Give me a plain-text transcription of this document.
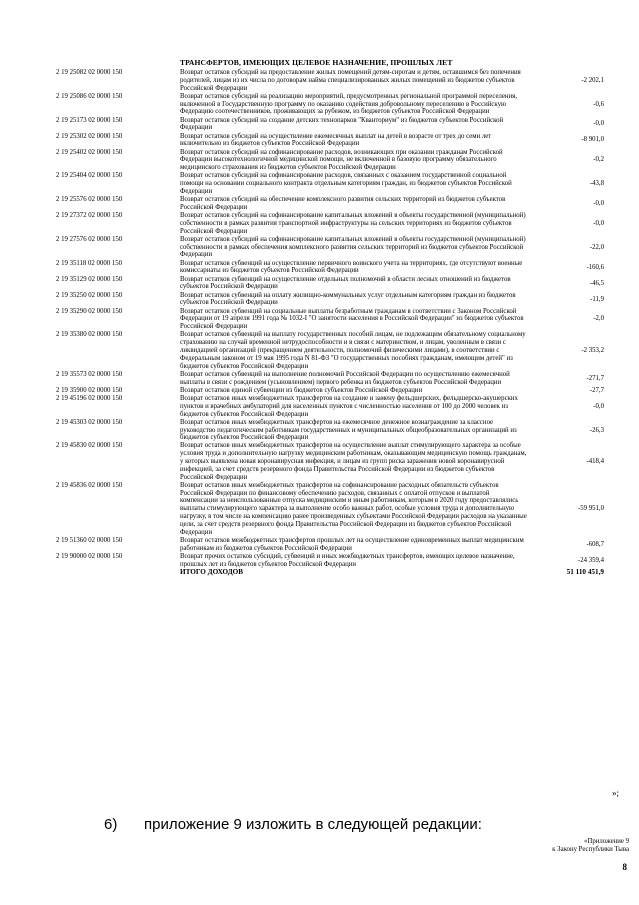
ТРАНСФЕРТОВ, ИМЕЮЩИХ ЦЕЛЕВОЕ НАЗНАЧЕНИЕ, ПРОШЛЫХ ЛЕТ
2 19 25082 02 0000 150	Возврат остатков субсидий на предоставление жилых помещений детям-сиротам и детям, оставшимся без попечения родителей, лицам из их числа по договорам найма специализированных жилых помещений из бюджетов субъектов Российской Федерации	-2 202,1
2 19 25086 02 0000 150	Возврат остатков субсидий на реализацию мероприятий, предусмотренных региональной программой переселения, включенной в Государственную программу по оказанию содействия добровольному переселению в Российскую Федерацию соотечественников, проживающих за рубежом, из бюджетов субъектов Российской Федерации	-0,6
2 19 25173 02 0000 150	Возврат остатков субсидий на создание детских технопарков "Кванториум" из бюджетов субъектов Российской Федерации	-0,0
2 19 25302 02 0000 150	Возврат остатков субсидий на осуществление ежемесячных выплат на детей в возрасте от трех до семи лет включительно из бюджетов субъектов Российской Федерации	-8 901,0
2 19 25402 02 0000 150	Возврат остатков субсидий на софинансирование расходов, возникающих при оказании гражданам Российской Федерации высокотехнологичной медицинской помощи, не включенной в базовую программу обязательного медицинского страхования из бюджетов субъектов Российской Федерации	-0,2
2 19 25404 02 0000 150	Возврат остатков субсидий на софинансирование расходов, связанных с оказанием государственной социальной помощи на основании социального контракта отдельным категориям граждан, из бюджетов субъектов Российской Федерации	-43,8
2 19 25576 02 0000 150	Возврат остатков субсидий на обеспечение комплексного развития сельских территорий из бюджетов субъектов Российской Федерации	-0,0
2 19 27372 02 0000 150	Возврат остатков субсидий на софинансирование капитальных вложений в объекты государственной (муниципальной) собственности в рамках развития транспортной инфраструктуры на сельских территориях из бюджетов субъектов Российской Федерации	-0,0
2 19 27576 02 0000 150	Возврат остатков субсидий на софинансирование капитальных вложений в объекты государственной (муниципальной) собственности в рамках обеспечения комплексного развития сельских территорий из бюджетов субъектов Российской Федерации	-22,0
2 19 35118 02 0000 150	Возврат остатков субвенций на осуществление первичного воинского учета на территориях, где отсутствуют военные комиссариаты из бюджетов субъектов Российской Федерации	-160,6
2 19 35129 02 0000 150	Возврат остатков субвенций на осуществление отдельных полномочий в области лесных отношений из бюджетов субъектов Российской Федерации	-46,5
2 19 35250 02 0000 150	Возврат остатков субвенций на оплату жилищно-коммунальных услуг отдельным категориям граждан из бюджетов субъектов Российской Федерации	-11,9
2 19 35290 02 0000 150	Возврат остатков субвенций на социальные выплаты безработным гражданам в соответствии с Законом Российской Федерации от 19 апреля 1991 года № 1032-I "О занятости населения в Российской Федерации" из бюджетов субъектов Российской Федерации	-2,0
2 19 35380 02 0000 150	Возврат остатков субвенций на выплату государственных пособий лицам, не подлежащим обязательному социальному страхованию на случай временной нетрудоспособности и в связи с материнством, и лицам, уволенным в связи с ликвидацией организаций (прекращением деятельности, полномочий физическими лицами), в соответствии с Федеральным законом от 19 мая 1995 года N 81-ФЗ "О государственных пособиях гражданам, имеющим детей" из бюджетов субъектов Российской Федерации	-2 353,2
2 19 35573 02 0000 150	Возврат остатков субвенций на выполнение полномочий Российской Федерации по осуществлению ежемесячной выплаты в связи с рождением (усыновлением) первого ребенка из бюджетов субъектов Российской Федерации	-271,7
2 19 35900 02 0000 150	Возврат остатков единой субвенции из бюджетов субъектов Российской Федерации	-27,7
2 19 45196 02 0000 150	Возврат остатков иных межбюджетных трансфертов на создание и замену фельдшерских, фельдшерско-акушерских пунктов и врачебных амбулаторий для населенных пунктов с численностью населения от 100 до 2000 человек из бюджетов субъектов Российской Федерации	-0,0
2 19 45303 02 0000 150	Возврат остатков иных межбюджетных трансфертов на ежемесячное денежное вознаграждение за классное руководство педагогическим работникам государственных и муниципальных общеобразовательных организаций из бюджетов субъектов Российской Федерации	-26,3
2 19 45830 02 0000 150	Возврат остатков иных межбюджетных трансфертов на осуществление выплат стимулирующего характера за особые условия труда и дополнительную нагрузку медицинским работникам, оказывающим медицинскую помощь гражданам, у которых выявлена новая коронавирусная инфекция, и лицам из групп риска заражения новой коронавирусной инфекцией, за счет средств резервного фонда Правительства Российской Федерации из бюджетов субъектов Российской Федерации	-418,4
2 19 45836 02 0000 150	Возврат остатков иных межбюджетных трансфертов на софинансирование расходных обязательств субъектов Российской Федерации по финансовому обеспечению расходов, связанных с оплатой отпусков и выплатой компенсации за неиспользованные отпуска медицинским и иным работникам, которым в 2020 году предоставлялись выплаты стимулирующего характера за выполнение особо важных работ, особые условия труда и дополнительную нагрузку, в том числе на компенсацию ранее произведенных субъектами Российской Федерации расходов на указанные цели, за счет средств резервного фонда Правительства Российской Федерации из бюджетов субъектов Российской Федерации	-59 951,0
2 19 51360 02 0000 150	Возврат остатков межбюджетных трансфертов прошлых лет на осуществление единовременных выплат медицинским работникам из бюджетов субъектов Российской Федерации	-608,7
2 19 90000 02 0000 150	Возврат прочих остатков субсидий, субвенций и иных межбюджетных трансфертов, имеющих целевое назначение, прошлых лет из бюджетов субъектов Российской Федерации	-24 359,4
	ИТОГО ДОХОДОВ	51 110 451,9
»;
6) приложение 9 изложить в следующей редакции:
«Приложение 9
к Закону Республики Тыва
8
